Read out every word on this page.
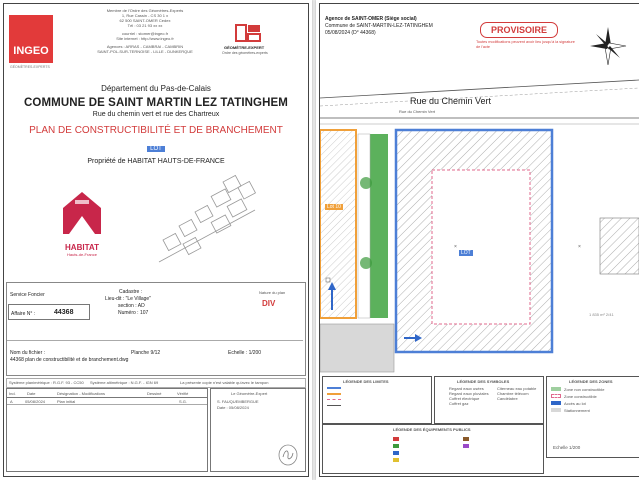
INGEO
GÉOMÈTRES-EXPERTS
Membre de l'Ordre des Géomètres-Experts
1, Rue Cassin - CS 30 1 x
62 500 SAINT-OMER Cedex
Tél : 03 21 93 xx xx
courriel : stomer@ingeo.fr
Site internet : http://www.ingeo.fr
Agences : ARRAS - CAMBRAI - CAMBRIN
SAINT-POL-SUR-TERNOISE - LILLE - DUNKERQUE
GÉOMÈTRE-EXPERT
Ordre des géomètres-experts
Département du Pas-de-Calais
COMMUNE DE SAINT MARTIN LEZ TATINGHEM
Rue du chemin vert et rue des Chartreux
PLAN DE CONSTRUCTIBILITÉ ET DE BRANCHEMENT
LOT
Propriété de HABITAT HAUTS-DE-FRANCE
HABITAT
Hauts-de-France
Service Foncier	Cadastre :
Lieu-dit : "Le Village"
section : AD
Numéro : 107
Nature du plan
DIV
Affaire N° :	44368
Nom du fichier :
44368 plan de constructibilité et de branchement.dwg
Planche 9/12	Echelle : 1/200
Système planimétrique : R.G.F. 93 - CC50 Système altimétrique : N.G.F. - IGN 69	La présente copie n'est valable qu'avec le tampon
Ind.	Date	Désignation - Modifications	Dessiné	Vérifié
A	05/08/2024	Plan initial	S.G.
Le Géomètre-Expert
S. FAUQUEMBERGUE
Date : 05/08/2024
Agence de SAINT-OMER (Siège social)
Commune de SAINT-MARTIN-LEZ-TATINGHEM
05/08/2024 (D° 44368)	PROVISOIRE
Toutes modifications peuvent avoir lieu jusqu'à la signature de l'acte
×	×
Rue du Chemin Vert
Rue du Chemin Vert
Lot 10
LOT
1 835 m² 2/41
LÉGENDE DES LIMITES	LÉGENDE DES SYMBOLES
Regard eaux usées
Regard eaux pluviales
Coffret électrique
Coffret gaz
Citerneau eau potable
Chambre télécom
Candélabre
LÉGENDE DES ZONES
Zone non constructible
Zone constructible
Accès au lot
Stationnement
Echelle 1/200
LÉGENDE DES ÉQUIPEMENTS PUBLICS
